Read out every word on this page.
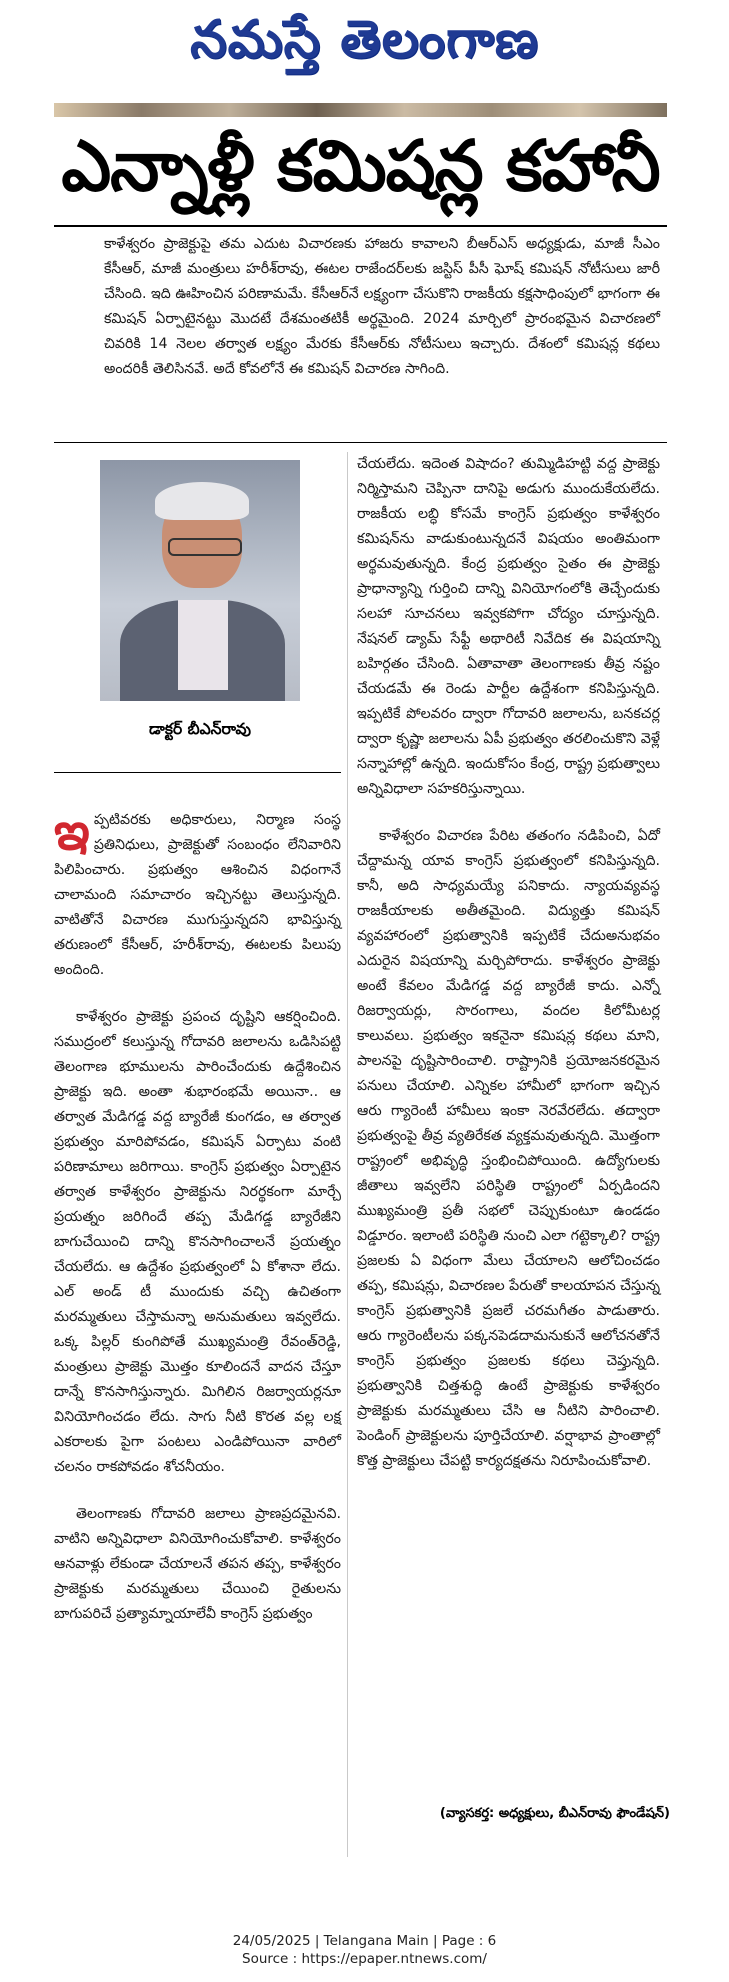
నమస్తే తెలంగాణ
ఎన్నాళ్లీ కమిషన్ల కహానీ
కాళేశ్వరం ప్రాజెక్టుపై తమ ఎదుట విచారణకు హాజరు కావాలని బీఆర్ఎస్ అధ్యక్షుడు, మాజీ సీఎం కేసీఆర్, మాజీ మంత్రులు హరీశ్‌రావు, ఈటల రాజేందర్‌లకు జస్టిస్ పీసీ ఘోష్ కమిషన్ నోటీసులు జారీ చేసింది. ఇది ఊహించిన పరిణామమే. కేసీఆర్‌నే లక్ష్యంగా చేసుకొని రాజకీయ కక్షసాధింపులో భాగంగా ఈ కమిషన్ ఏర్పాటైనట్టు మొదటే దేశమంతటికీ అర్థమైంది. 2024 మార్చిలో ప్రారంభమైన విచారణలో చివరికి 14 నెలల తర్వాత లక్ష్యం మేరకు కేసీఆర్‌కు నోటీసులు ఇచ్చారు. దేశంలో కమిషన్ల కథలు అందరికీ తెలిసినవే. అదే కోవలోనే ఈ కమిషన్ విచారణ సాగింది.
డాక్టర్ బీఎన్‌రావు

ఇప్పటివరకు అధికారులు, నిర్మాణ సంస్థ ప్రతినిధులు, ప్రాజెక్టుతో సంబంధం లేనివారిని పిలిపించారు. ప్రభుత్వం ఆశించిన విధంగానే చాలామంది సమాచారం ఇచ్చినట్టు తెలుస్తున్నది. వాటితోనే విచారణ ముగుస్తున్నదని భావిస్తున్న తరుణంలో కేసీఆర్, హరీశ్‌రావు, ఈటలకు పిలుపు అందింది.

కాళేశ్వరం ప్రాజెక్టు ప్రపంచ దృష్టిని ఆకర్షించింది. సముద్రంలో కలుస్తున్న గోదావరి జలాలను ఒడిసిపట్టి తెలంగాణ భూములను పారించేందుకు ఉద్దేశించిన ప్రాజెక్టు ఇది. అంతా శుభారంభమే అయినా.. ఆ తర్వాత మేడిగడ్డ వద్ద బ్యారేజీ కుంగడం, ఆ తర్వాత ప్రభుత్వం మారిపోవడం, కమిషన్ ఏర్పాటు వంటి పరిణామాలు జరిగాయి. కాంగ్రెస్ ప్రభుత్వం ఏర్పాటైన తర్వాత కాళేశ్వరం ప్రాజెక్టును నిరర్థకంగా మార్చే ప్రయత్నం జరిగిందే తప్ప మేడిగడ్డ బ్యారేజీని బాగుచేయించి దాన్ని కొనసాగించాలనే ప్రయత్నం చేయలేదు. ఆ ఉద్దేశం ప్రభుత్వంలో ఏ కోశానా లేదు. ఎల్ అండ్ టీ ముందుకు వచ్చి ఉచితంగా మరమ్మతులు చేస్తామన్నా అనుమతులు ఇవ్వలేదు. ఒక్క పిల్లర్ కుంగిపోతే ముఖ్యమంత్రి రేవంత్‌రెడ్డి, మంత్రులు ప్రాజెక్టు మొత్తం కూలిందనే వాదన చేస్తూ దాన్నే కొనసాగిస్తున్నారు. మిగిలిన రిజర్వాయర్లనూ వినియోగించడం లేదు. సాగు నీటి కొరత వల్ల లక్ష ఎకరాలకు పైగా పంటలు ఎండిపోయినా వారిలో చలనం రాకపోవడం శోచనీయం.

తెలంగాణకు గోదావరి జలాలు ప్రాణప్రదమైనవి. వాటిని అన్నివిధాలా వినియోగించుకోవాలి. కాళేశ్వరం ఆనవాళ్లు లేకుండా చేయాలనే తపన తప్ప, కాళేశ్వరం ప్రాజెక్టుకు మరమ్మతులు చేయించి రైతులను బాగుపరిచే ప్రత్యామ్నాయాలేవీ కాంగ్రెస్ ప్రభుత్వం

చేయలేదు. ఇదెంత విషాదం? తుమ్మిడిహట్టి వద్ద ప్రాజెక్టు నిర్మిస్తామని చెప్పినా దానిపై అడుగు ముందుకేయలేదు. రాజకీయ లబ్ధి కోసమే కాంగ్రెస్ ప్రభుత్వం కాళేశ్వరం కమిషన్‌ను వాడుకుంటున్నదనే విషయం అంతిమంగా అర్థమవుతున్నది. కేంద్ర ప్రభుత్వం సైతం ఈ ప్రాజెక్టు ప్రాధాన్యాన్ని గుర్తించి దాన్ని వినియోగంలోకి తెచ్చేందుకు సలహా సూచనలు ఇవ్వకపోగా చోద్యం చూస్తున్నది. నేషనల్ డ్యామ్ సేఫ్టీ అథారిటీ నివేదిక ఈ విషయాన్ని బహిర్గతం చేసింది. ఏతావాతా తెలంగాణకు తీవ్ర నష్టం చేయడమే ఈ రెండు పార్టీల ఉద్దేశంగా కనిపిస్తున్నది. ఇప్పటికే పోలవరం ద్వారా గోదావరి జలాలను, బనకచర్ల ద్వారా కృష్ణా జలాలను ఏపీ ప్రభుత్వం తరలించుకొని వెళ్లే సన్నాహాల్లో ఉన్నది. ఇందుకోసం కేంద్ర, రాష్ట్ర ప్రభుత్వాలు అన్నివిధాలా సహకరిస్తున్నాయి.

కాళేశ్వరం విచారణ పేరిట తతంగం నడిపించి, ఏదో చేద్దామన్న యావ కాంగ్రెస్ ప్రభుత్వంలో కనిపిస్తున్నది. కానీ, అది సాధ్యమయ్యే పనికాదు. న్యాయవ్యవస్థ రాజకీయాలకు అతీతమైంది. విద్యుత్తు కమిషన్ వ్యవహారంలో ప్రభుత్వానికి ఇప్పటికే చేదుఅనుభవం ఎదురైన విషయాన్ని మర్చిపోరాదు. కాళేశ్వరం ప్రాజెక్టు అంటే కేవలం మేడిగడ్డ వద్ద బ్యారేజీ కాదు. ఎన్నో రిజర్వాయర్లు, సొరంగాలు, వందల కిలోమీటర్ల కాలువలు. ప్రభుత్వం ఇకనైనా కమిషన్ల కథలు మాని, పాలనపై దృష్టిసారించాలి. రాష్ట్రానికి ప్రయోజనకరమైన పనులు చేయాలి. ఎన్నికల హామీలో భాగంగా ఇచ్చిన ఆరు గ్యారెంటీ హామీలు ఇంకా నెరవేరలేదు. తద్వారా ప్రభుత్వంపై తీవ్ర వ్యతిరేకత వ్యక్తమవుతున్నది. మొత్తంగా రాష్ట్రంలో అభివృద్ధి స్తంభించిపోయింది. ఉద్యోగులకు జీతాలు ఇవ్వలేని పరిస్థితి రాష్ట్రంలో ఏర్పడిందని ముఖ్యమంత్రి ప్రతీ సభలో చెప్పుకుంటూ ఉండడం విడ్డూరం. ఇలాంటి పరిస్థితి నుంచి ఎలా గట్టెక్కాలి? రాష్ట్ర ప్రజలకు ఏ విధంగా మేలు చేయాలని ఆలోచించడం తప్ప, కమిషన్లు, విచారణల పేరుతో కాలయాపన చేస్తున్న కాంగ్రెస్ ప్రభుత్వానికి ప్రజలే చరమగీతం పాడుతారు. ఆరు గ్యారెంటీలను పక్కనపెడదామనుకునే ఆలోచనతోనే కాంగ్రెస్ ప్రభుత్వం ప్రజలకు కథలు చెప్తున్నది. ప్రభుత్వానికి చిత్తశుద్ధి ఉంటే ప్రాజెక్టుకు కాళేశ్వరం ప్రాజెక్టుకు మరమ్మతులు చేసి ఆ నీటిని పారించాలి. పెండింగ్ ప్రాజెక్టులను పూర్తిచేయాలి. వర్షాభావ ప్రాంతాల్లో కొత్త ప్రాజెక్టులు చేపట్టి కార్యదక్షతను నిరూపించుకోవాలి.

(వ్యాసకర్త: అధ్యక్షులు, బీఎన్‌రావు ఫౌండేషన్)
24/05/2025 | Telangana Main | Page : 6
Source : https://epaper.ntnews.com/
